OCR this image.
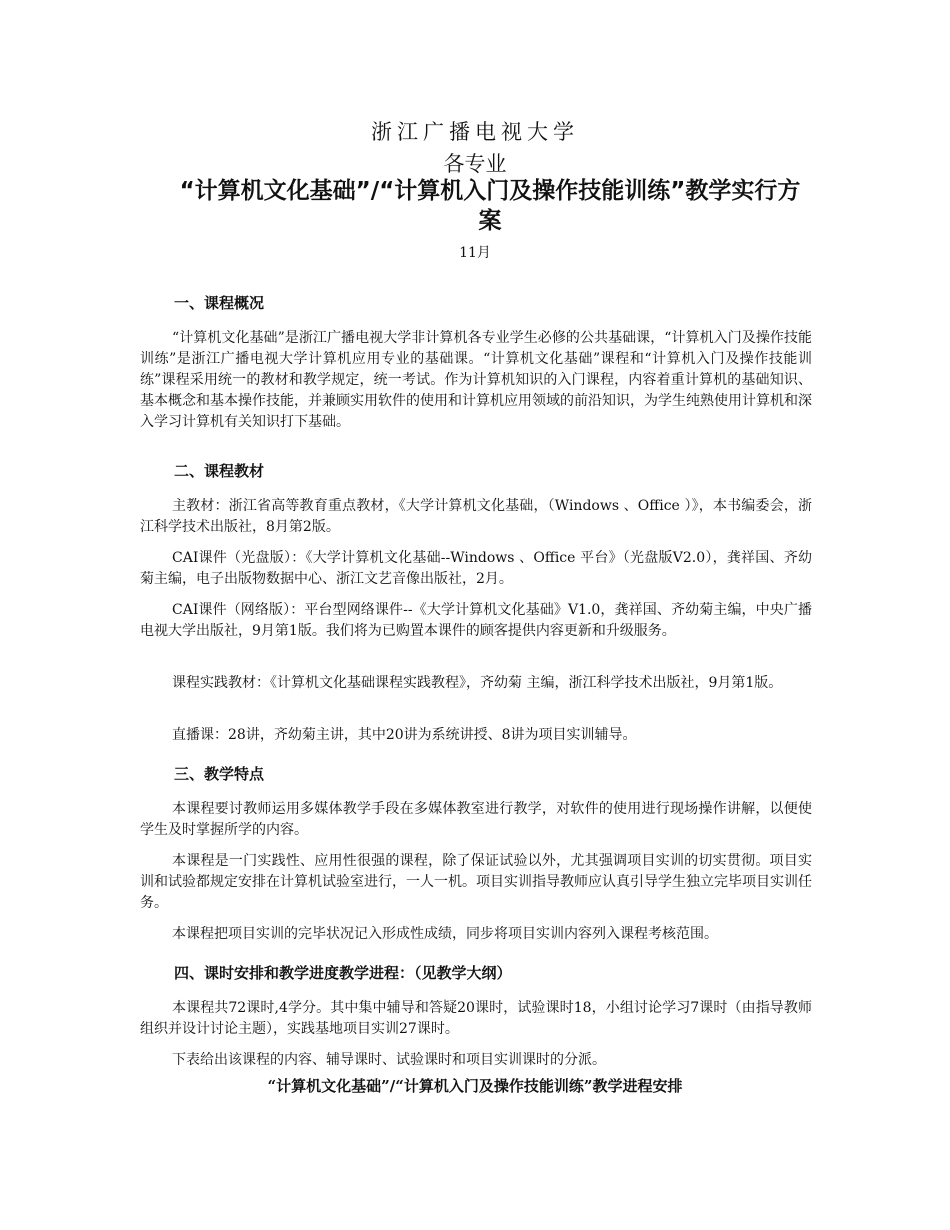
浙江广播电视大学
各专业
“计算机文化基础”/“计算机入门及操作技能训练”教学实行方案
11月
一、课程概况

“计算机文化基础”是浙江广播电视大学非计算机各专业学生必修的公共基础课，“计算机入门及操作技能训练”是浙江广播电视大学计算机应用专业的基础课。“计算机文化基础”课程和“计算机入门及操作技能训练”课程采用统一的教材和教学规定，统一考试。作为计算机知识的入门课程，内容着重计算机的基础知识、基本概念和基本操作技能，并兼顾实用软件的使用和计算机应用领域的前沿知识，为学生纯熟使用计算机和深入学习计算机有关知识打下基础。

二、课程教材

主教材：浙江省高等教育重点教材，《大学计算机文化基础，（Windows 、Office ）》，本书编委会，浙江科学技术出版社，8月第2版。

CAI课件（光盘版）：《大学计算机文化基础--Windows 、Office 平台》（光盘版V2.0），龚祥国、齐幼菊主编，电子出版物数据中心、浙江文艺音像出版社，2月。

CAI课件（网络版）：平台型网络课件--《大学计算机文化基础》V1.0，龚祥国、齐幼菊主编，中央广播电视大学出版社，9月第1版。我们将为已购置本课件的顾客提供内容更新和升级服务。

课程实践教材：《计算机文化基础课程实践教程》，齐幼菊 主编，浙江科学技术出版社，9月第1版。

直播课：28讲，齐幼菊主讲，其中20讲为系统讲授、8讲为项目实训辅导。

三、教学特点

本课程要讨教师运用多媒体教学手段在多媒体教室进行教学，对软件的使用进行现场操作讲解，以便使学生及时掌握所学的内容。

本课程是一门实践性、应用性很强的课程，除了保证试验以外，尤其强调项目实训的切实贯彻。项目实训和试验都规定安排在计算机试验室进行，一人一机。项目实训指导教师应认真引导学生独立完毕项目实训任务。

本课程把项目实训的完毕状况记入形成性成绩，同步将项目实训内容列入课程考核范围。

四、课时安排和教学进度教学进程：（见教学大纲）

本课程共72课时,4学分。其中集中辅导和答疑20课时，试验课时18，小组讨论学习7课时（由指导教师组织并设计讨论主题），实践基地项目实训27课时。

下表给出该课程的内容、辅导课时、试验课时和项目实训课时的分派。

“计算机文化基础”/“计算机入门及操作技能训练”教学进程安排
